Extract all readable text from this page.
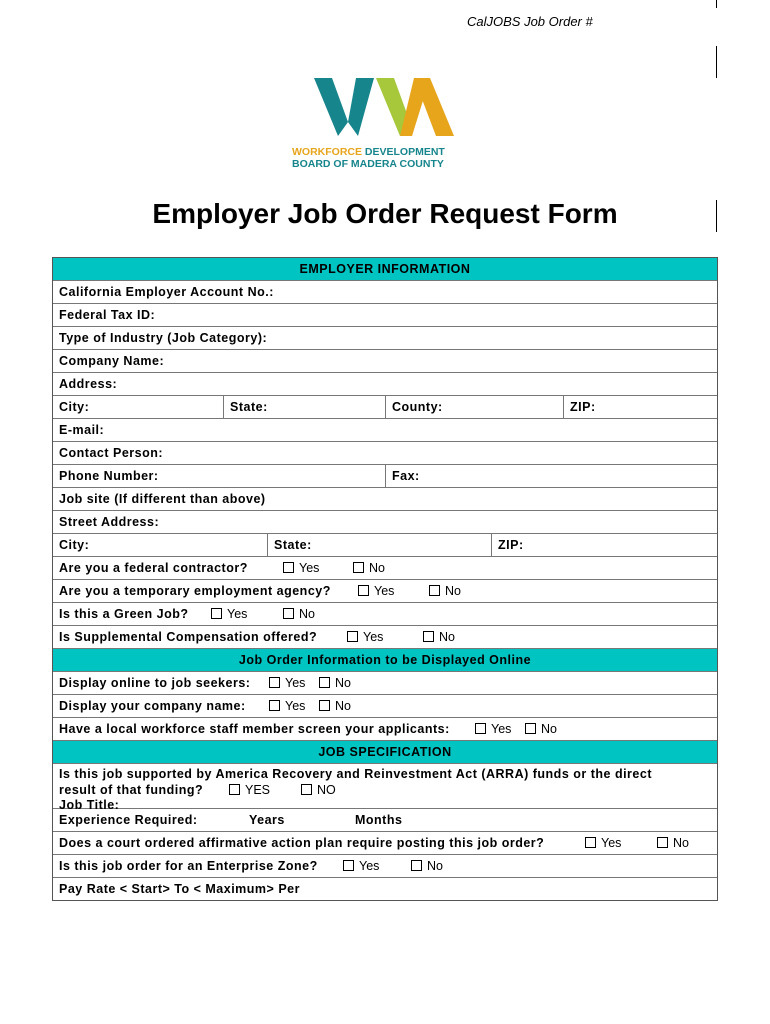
CalJOBS Job Order #
WORKFORCE DEVELOPMENT
BOARD OF MADERA COUNTY
Employer Job Order Request Form
EMPLOYER INFORMATION
California Employer Account No.:
Federal Tax ID:
Type of Industry (Job Category):
Company Name:
Address:
City:	State:	County:	ZIP:
E-mail:
Contact Person:
Phone Number:	Fax:
Job site (If different than above)
Street Address:
City:	State:	ZIP:
Are you a federal contractor?	Yes	No
Are you a temporary employment agency?	Yes	No
Is this a Green Job?	Yes	No
Is Supplemental Compensation offered?	Yes	No
Job Order Information to be Displayed Online
Display online to job seekers:	Yes	No
Display your company name:	Yes	No
Have a local workforce staff member screen your applicants:	Yes	No
JOB SPECIFICATION
Is this job supported by America Recovery and Reinvestment Act (ARRA) funds or the direct
result of that funding?	YES	NO
Job Title:
Experience Required:	Years	Months
Does a court ordered affirmative action plan require posting this job order?	Yes	No
Is this job order for an Enterprise Zone?	Yes	No
Pay Rate < Start> To < Maximum> Per
